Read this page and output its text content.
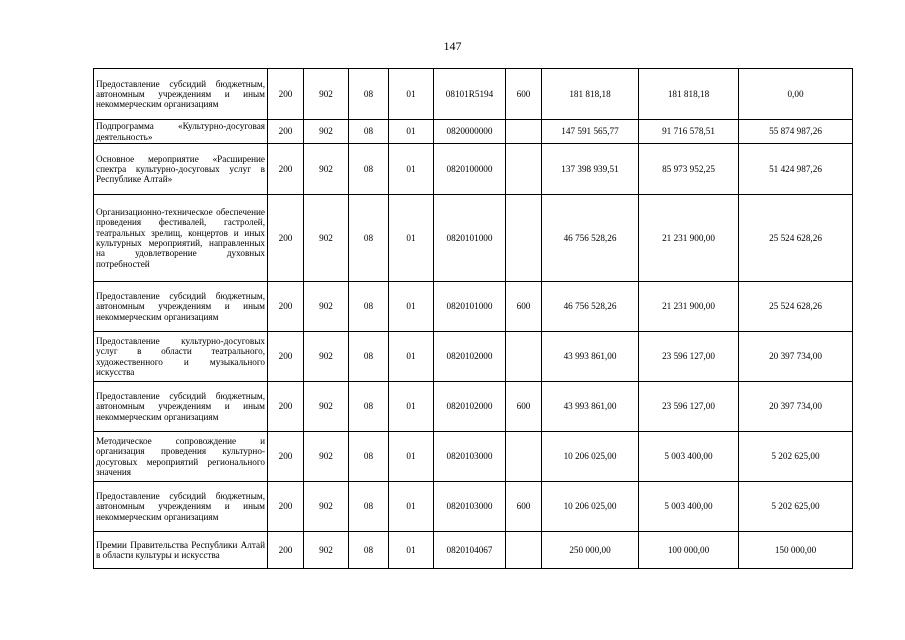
147
Предоставление субсидий бюджетным, автономным учреждениям и иным некоммерческим организациям	200	902	08	01	08101R5194	600	181 818,18	181 818,18	0,00
Подпрограмма «Культурно-досуговая деятельность»	200	902	08	01	0820000000		147 591 565,77	91 716 578,51	55 874 987,26
Основное мероприятие «Расширение спектра культурно-досуговых услуг в Республике Алтай»	200	902	08	01	0820100000		137 398 939,51	85 973 952,25	51 424 987,26
Организационно-техническое обеспечение проведения фестивалей, гастролей, театральных зрелищ, концертов и иных культурных мероприятий, направленных на удовлетворение духовных потребностей	200	902	08	01	0820101000		46 756 528,26	21 231 900,00	25 524 628,26
Предоставление субсидий бюджетным, автономным учреждениям и иным некоммерческим организациям	200	902	08	01	0820101000	600	46 756 528,26	21 231 900,00	25 524 628,26
Предоставление культурно-досуговых услуг в области театрального, художественного и музыкального искусства	200	902	08	01	0820102000		43 993 861,00	23 596 127,00	20 397 734,00
Предоставление субсидий бюджетным, автономным учреждениям и иным некоммерческим организациям	200	902	08	01	0820102000	600	43 993 861,00	23 596 127,00	20 397 734,00
Методическое сопровождение и организация проведения культурно-досуговых мероприятий регионального значения	200	902	08	01	0820103000		10 206 025,00	5 003 400,00	5 202 625,00
Предоставление субсидий бюджетным, автономным учреждениям и иным некоммерческим организациям	200	902	08	01	0820103000	600	10 206 025,00	5 003 400,00	5 202 625,00
Премии Правительства Республики Алтай в области культуры и искусства	200	902	08	01	0820104067		250 000,00	100 000,00	150 000,00
